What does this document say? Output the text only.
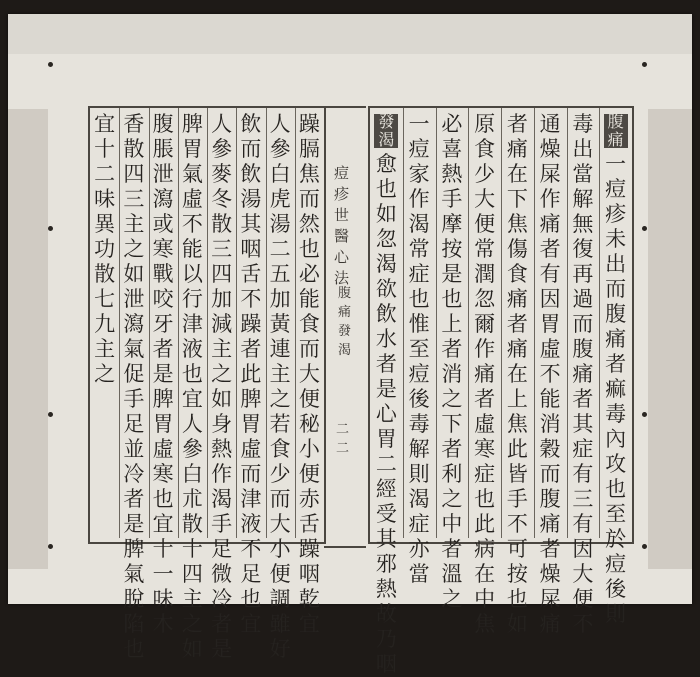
躁
膈
焦
而
然
也
必
能
食
而
大
便
秘
小
便
赤
舌
躁
咽
乾
宜
人
參
白
虎
湯
二
五
加
黃
連
主
之
若
食
少
而
大
小
便
調
雖
好
飲
而
飲
湯
其
咽
舌
不
躁
者
此
脾
胃
虛
而
津
液
不
足
也
宜
人
參
麥
冬
散
三
四
加
減
主
之
如
身
熱
作
渴
手
足
微
冷
者
是
脾
胃
氣
虛
不
能
以
行
津
液
也
宜
人
參
白
朮
散
十
四
主
之
如
腹
脹
泄
瀉
或
寒
戰
咬
牙
者
是
脾
胃
虛
寒
也
宜
十
一
味
木
香
散
四
三
主
之
如
泄
瀉
氣
促
手
足
並
冷
者
是
脾
氣
脫
陷
也
宜
十
二
味
異
功
散
七
九
主
之
痘
疹
世
醫
心
法
腹
痛
發
渴
二
二
一
痘
疹
未
出
而
腹
痛
者
痲
毒
內
攻
也
至
於
痘
後
則
腹
痛
毒
出
當
解
無
復
再
過
而
腹
痛
者
其
症
有
三
有
因
大
便
不
通
燥
屎
作
痛
者
有
因
胃
虛
不
能
消
穀
而
腹
痛
者
燥
屎
痛
者
痛
在
下
焦
傷
食
痛
者
痛
在
上
焦
此
皆
手
不
可
按
也
如
原
食
少
大
便
常
潤
忽
爾
作
痛
者
虛
寒
症
也
此
病
在
中
焦
必
喜
熱
手
摩
按
是
也
上
者
消
之
下
者
利
之
中
者
溫
之
一
痘
家
作
渴
常
症
也
惟
至
痘
後
毒
解
則
渴
症
亦
當
愈
也
如
忽
渴
欲
飲
水
者
是
心
胃
二
經
受
其
邪
熱
故
乃
咽
發
渴
